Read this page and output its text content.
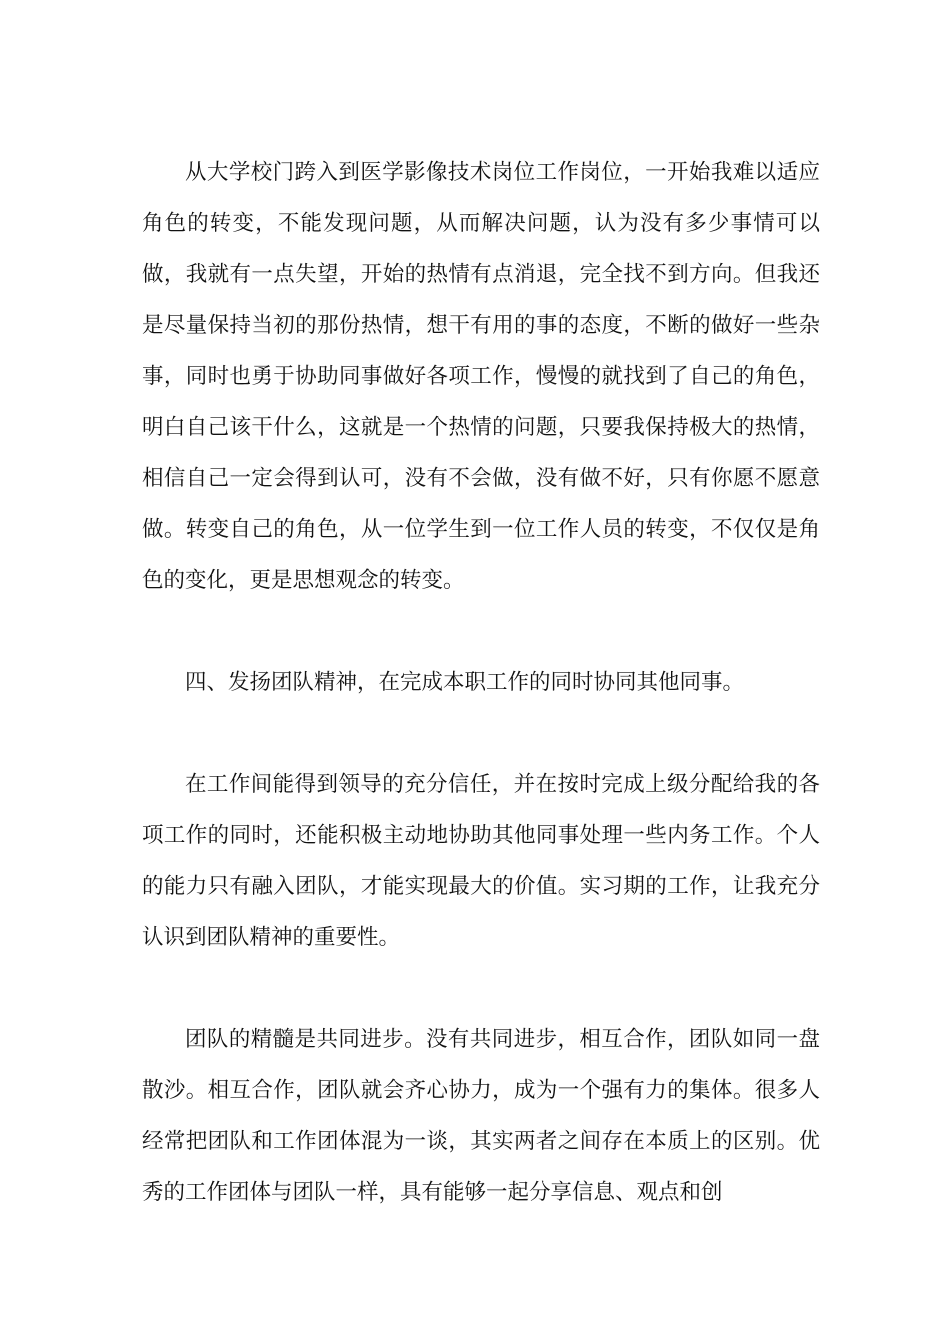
从大学校门跨入到医学影像技术岗位工作岗位，一开始我难以适应角色的转变，不能发现问题，从而解决问题，认为没有多少事情可以做，我就有一点失望，开始的热情有点消退，完全找不到方向。但我还是尽量保持当初的那份热情，想干有用的事的态度，不断的做好一些杂事，同时也勇于协助同事做好各项工作，慢慢的就找到了自己的角色，明白自己该干什么，这就是一个热情的问题，只要我保持极大的热情，相信自己一定会得到认可，没有不会做，没有做不好，只有你愿不愿意做。转变自己的角色，从一位学生到一位工作人员的转变，不仅仅是角色的变化，更是思想观念的转变。

四、发扬团队精神，在完成本职工作的同时协同其他同事。

在工作间能得到领导的充分信任，并在按时完成上级分配给我的各项工作的同时，还能积极主动地协助其他同事处理一些内务工作。个人的能力只有融入团队，才能实现最大的价值。实习期的工作，让我充分认识到团队精神的重要性。

团队的精髓是共同进步。没有共同进步，相互合作，团队如同一盘散沙。相互合作，团队就会齐心协力，成为一个强有力的集体。很多人经常把团队和工作团体混为一谈，其实两者之间存在本质上的区别。优秀的工作团体与团队一样，具有能够一起分享信息、观点和创
